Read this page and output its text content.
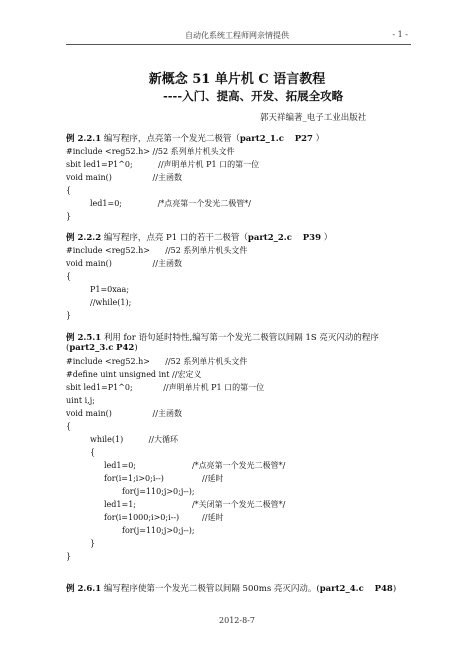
自动化系统工程师网亲情提供	- 1 -
新概念 51 单片机 C 语言教程
----入门、提高、开发、拓展全攻略
郭天祥编著_电子工业出版社
例 2.2.1 编写程序，点亮第一个发光二极管（part2_1.c P27 ）
#include <reg52.h> //52 系列单片机头文件
sbit led1=P1^0;          //声明单片机 P1 口的第一位
void main()                //主函数
{
led1=0;              /*点亮第一个发光二极管*/
}
例 2.2.2 编写程序，点亮 P1 口的若干二极管（part2_2.c P39 ）
#include <reg52.h>      //52 系列单片机头文件
void main()                //主函数
{
P1=0xaa;
//while(1);
}
例 2.5.1 利用 for 语句延时特性,编写第一个发光二极管以间隔 1S 亮灭闪动的程序(part2_3.c P42)
#include <reg52.h>      //52 系列单片机头文件
#define uint unsigned int //宏定义
sbit led1=P1^0;            //声明单片机 P1 口的第一位
uint i,j;
void main()                //主函数
{
while(1)          //大循环
{
led1=0;                      /*点亮第一个发光二极管*/
for(i=1;i>0;i--)               //延时
for(j=110;j>0;j--);
led1=1;                      /*关闭第一个发光二极管*/
for(i=1000;i>0;i--)         //延时
for(j=110;j>0;j--);
}
}
例 2.6.1 编写程序使第一个发光二极管以间隔 500ms 亮灭闪动。(part2_4.c P48)
2012-8-7
